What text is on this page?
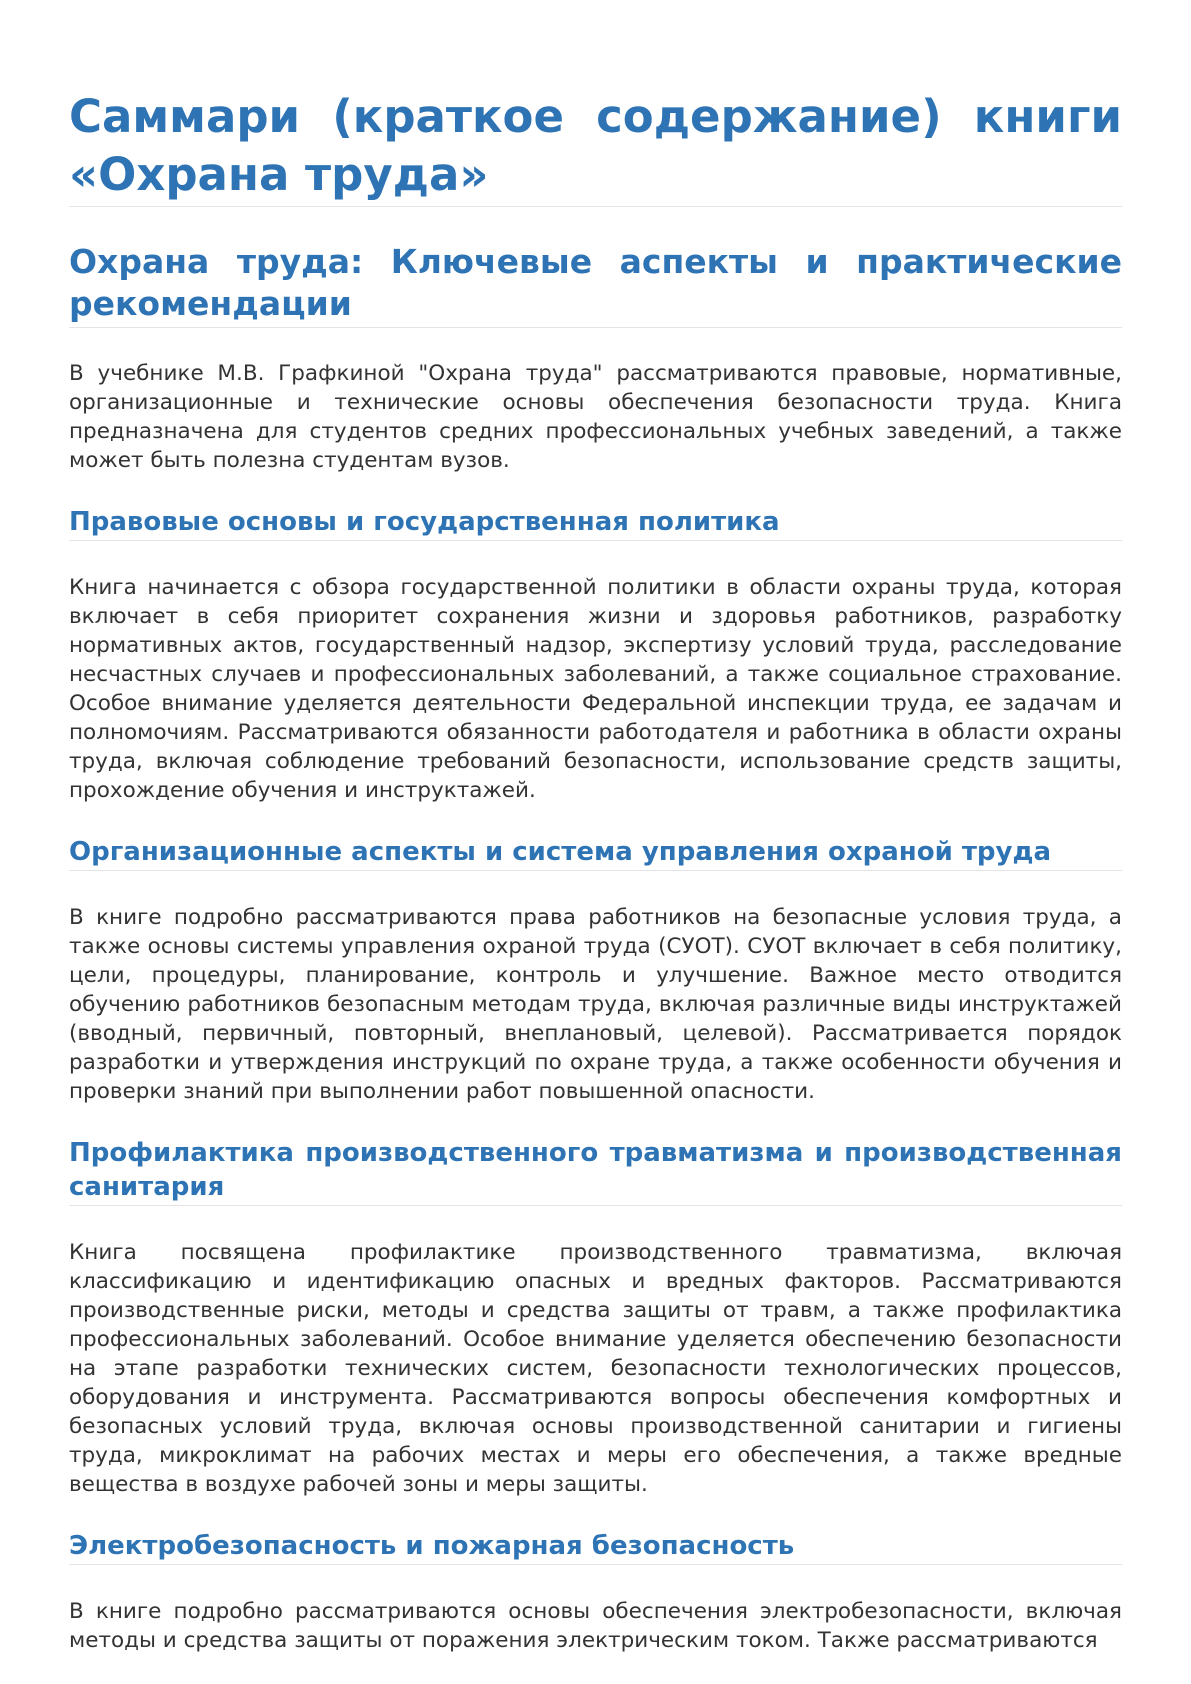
Саммари (краткое содержание) книги «Охрана труда»
Охрана труда: Ключевые аспекты и практические рекомендации

В учебнике М.В. Графкиной "Охрана труда" рассматриваются правовые, нормативные, организационные и технические основы обеспечения безопасности труда. Книга предназначена для студентов средних профессиональных учебных заведений, а также может быть полезна студентам вузов.

Правовые основы и государственная политика

Книга начинается с обзора государственной политики в области охраны труда, которая включает в себя приоритет сохранения жизни и здоровья работников, разработку нормативных актов, государственный надзор, экспертизу условий труда, расследование несчастных случаев и профессиональных заболеваний, а также социальное страхование. Особое внимание уделяется деятельности Федеральной инспекции труда, ее задачам и полномочиям. Рассматриваются обязанности работодателя и работника в области охраны труда, включая соблюдение требований безопасности, использование средств защиты, прохождение обучения и инструктажей.

Организационные аспекты и система управления охраной труда

В книге подробно рассматриваются права работников на безопасные условия труда, а также основы системы управления охраной труда (СУОТ). СУОТ включает в себя политику, цели, процедуры, планирование, контроль и улучшение. Важное место отводится обучению работников безопасным методам труда, включая различные виды инструктажей (вводный, первичный, повторный, внеплановый, целевой). Рассматривается порядок разработки и утверждения инструкций по охране труда, а также особенности обучения и проверки знаний при выполнении работ повышенной опасности.

Профилактика производственного травматизма и производственная санитария

Книга посвящена профилактике производственного травматизма, включая классификацию и идентификацию опасных и вредных факторов. Рассматриваются производственные риски, методы и средства защиты от травм, а также профилактика профессиональных заболеваний. Особое внимание уделяется обеспечению безопасности на этапе разработки технических систем, безопасности технологических процессов, оборудования и инструмента. Рассматриваются вопросы обеспечения комфортных и безопасных условий труда, включая основы производственной санитарии и гигиены труда, микроклимат на рабочих местах и меры его обеспечения, а также вредные вещества в воздухе рабочей зоны и меры защиты.

Электробезопасность и пожарная безопасность

В книге подробно рассматриваются основы обеспечения электробезопасности, включая методы и средства защиты от поражения электрическим током. Также рассматриваются
